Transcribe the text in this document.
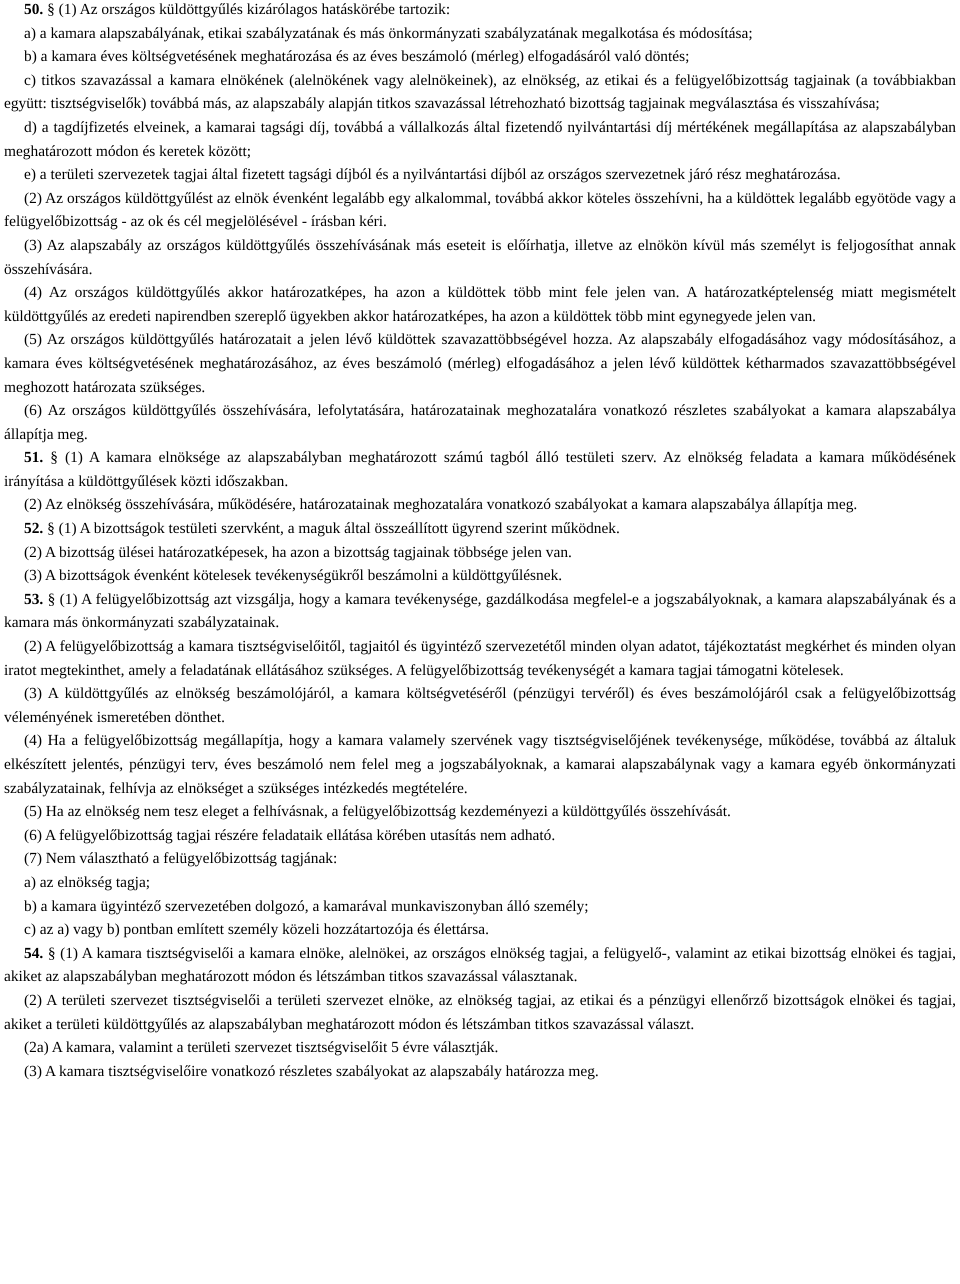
50. § (1) Az országos küldöttgyűlés kizárólagos hatáskörébe tartozik:

a) a kamara alapszabályának, etikai szabályzatának és más önkormányzati szabályzatának megalkotása és módosítása;

b) a kamara éves költségvetésének meghatározása és az éves beszámoló (mérleg) elfogadásáról való döntés;

c) titkos szavazással a kamara elnökének (alelnökének vagy alelnökeinek), az elnökség, az etikai és a felügyelőbizottság tagjainak (a továbbiakban együtt: tisztségviselők) továbbá más, az alapszabály alapján titkos szavazással létrehozható bizottság tagjainak megválasztása és visszahívása;

d) a tagdíjfizetés elveinek, a kamarai tagsági díj, továbbá a vállalkozás által fizetendő nyilvántartási díj mértékének megállapítása az alapszabályban meghatározott módon és keretek között;

e) a területi szervezetek tagjai által fizetett tagsági díjból és a nyilvántartási díjból az országos szervezetnek járó rész meghatározása.

(2) Az országos küldöttgyűlést az elnök évenként legalább egy alkalommal, továbbá akkor köteles összehívni, ha a küldöttek legalább egyötöde vagy a felügyelőbizottság - az ok és cél megjelölésével - írásban kéri.

(3) Az alapszabály az országos küldöttgyűlés összehívásának más eseteit is előírhatja, illetve az elnökön kívül más személyt is feljogosíthat annak összehívására.

(4) Az országos küldöttgyűlés akkor határozatképes, ha azon a küldöttek több mint fele jelen van. A határozatképtelenség miatt megismételt küldöttgyűlés az eredeti napirendben szereplő ügyekben akkor határozatképes, ha azon a küldöttek több mint egynegyede jelen van.

(5) Az országos küldöttgyűlés határozatait a jelen lévő küldöttek szavazattöbbségével hozza. Az alapszabály elfogadásához vagy módosításához, a kamara éves költségvetésének meghatározásához, az éves beszámoló (mérleg) elfogadásához a jelen lévő küldöttek kétharmados szavazattöbbségével meghozott határozata szükséges.

(6) Az országos küldöttgyűlés összehívására, lefolytatására, határozatainak meghozatalára vonatkozó részletes szabályokat a kamara alapszabálya állapítja meg.

51. § (1) A kamara elnöksége az alapszabályban meghatározott számú tagból álló testületi szerv. Az elnökség feladata a kamara működésének irányítása a küldöttgyűlések közti időszakban.

(2) Az elnökség összehívására, működésére, határozatainak meghozatalára vonatkozó szabályokat a kamara alapszabálya állapítja meg.

52. § (1) A bizottságok testületi szervként, a maguk által összeállított ügyrend szerint működnek.

(2) A bizottság ülései határozatképesek, ha azon a bizottság tagjainak többsége jelen van.

(3) A bizottságok évenként kötelesek tevékenységükről beszámolni a küldöttgyűlésnek.

53. § (1) A felügyelőbizottság azt vizsgálja, hogy a kamara tevékenysége, gazdálkodása megfelel-e a jogszabályoknak, a kamara alapszabályának és a kamara más önkormányzati szabályzatainak.

(2) A felügyelőbizottság a kamara tisztségviselőitől, tagjaitól és ügyintéző szervezetétől minden olyan adatot, tájékoztatást megkérhet és minden olyan iratot megtekinthet, amely a feladatának ellátásához szükséges. A felügyelőbizottság tevékenységét a kamara tagjai támogatni kötelesek.

(3) A küldöttgyűlés az elnökség beszámolójáról, a kamara költségvetéséről (pénzügyi tervéről) és éves beszámolójáról csak a felügyelőbizottság véleményének ismeretében dönthet.

(4) Ha a felügyelőbizottság megállapítja, hogy a kamara valamely szervének vagy tisztségviselőjének tevékenysége, működése, továbbá az általuk elkészített jelentés, pénzügyi terv, éves beszámoló nem felel meg a jogszabályoknak, a kamarai alapszabálynak vagy a kamara egyéb önkormányzati szabályzatainak, felhívja az elnökséget a szükséges intézkedés megtételére.

(5) Ha az elnökség nem tesz eleget a felhívásnak, a felügyelőbizottság kezdeményezi a küldöttgyűlés összehívását.

(6) A felügyelőbizottság tagjai részére feladataik ellátása körében utasítás nem adható.

(7) Nem választható a felügyelőbizottság tagjának:

a) az elnökség tagja;

b) a kamara ügyintéző szervezetében dolgozó, a kamarával munkaviszonyban álló személy;

c) az a) vagy b) pontban említett személy közeli hozzátartozója és élettársa.

54. § (1) A kamara tisztségviselői a kamara elnöke, alelnökei, az országos elnökség tagjai, a felügyelő-, valamint az etikai bizottság elnökei és tagjai, akiket az alapszabályban meghatározott módon és létszámban titkos szavazással választanak.

(2) A területi szervezet tisztségviselői a területi szervezet elnöke, az elnökség tagjai, az etikai és a pénzügyi ellenőrző bizottságok elnökei és tagjai, akiket a területi küldöttgyűlés az alapszabályban meghatározott módon és létszámban titkos szavazással választ.

(2a) A kamara, valamint a területi szervezet tisztségviselőit 5 évre választják.

(3) A kamara tisztségviselőire vonatkozó részletes szabályokat az alapszabály határozza meg.
